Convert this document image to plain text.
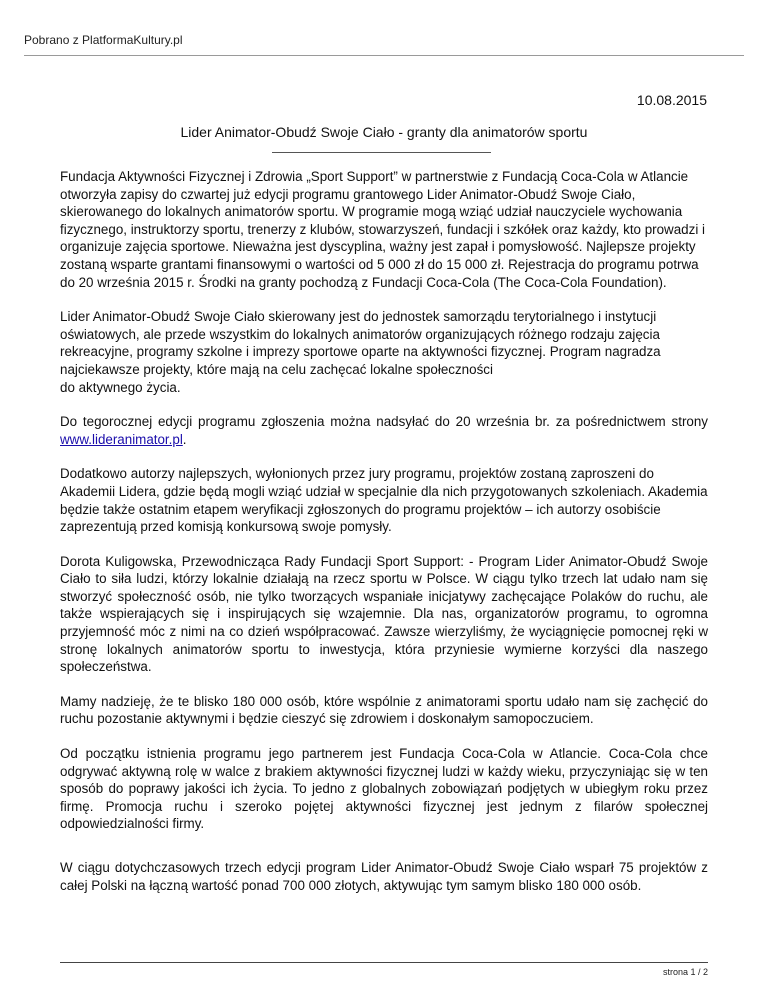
Pobrano z PlatformaKultury.pl
10.08.2015
Lider Animator-Obudź Swoje Ciało - granty dla animatorów sportu

Fundacja Aktywności Fizycznej i Zdrowia „Sport Support” w partnerstwie z Fundacją Coca-Cola w Atlancie otworzyła zapisy do czwartej już edycji programu grantowego Lider Animator-Obudź Swoje Ciało, skierowanego do lokalnych animatorów sportu. W programie mogą wziąć udział nauczyciele wychowania fizycznego, instruktorzy sportu, trenerzy z klubów, stowarzyszeń, fundacji i szkółek oraz każdy, kto prowadzi i organizuje zajęcia sportowe. Nieważna jest dyscyplina, ważny jest zapał i pomysłowość. Najlepsze projekty zostaną wsparte grantami finansowymi o wartości od 5 000 zł do 15 000 zł. Rejestracja do programu potrwa do 20 września 2015 r. Środki na granty pochodzą z Fundacji Coca-Cola (The Coca-Cola Foundation).

Lider Animator-Obudź Swoje Ciało skierowany jest do jednostek samorządu terytorialnego i instytucji oświatowych, ale przede wszystkim do lokalnych animatorów organizujących różnego rodzaju zajęcia rekreacyjne, programy szkolne i imprezy sportowe oparte na aktywności fizycznej. Program nagradza najciekawsze projekty, które mają na celu zachęcać lokalne społeczności
do aktywnego życia.

Do tegorocznej edycji programu zgłoszenia można nadsyłać do 20 września br. za pośrednictwem strony www.lideranimator.pl.

Dodatkowo autorzy najlepszych, wyłonionych przez jury programu, projektów zostaną zaproszeni do Akademii Lidera, gdzie będą mogli wziąć udział w specjalnie dla nich przygotowanych szkoleniach. Akademia będzie także ostatnim etapem weryfikacji zgłoszonych do programu projektów – ich autorzy osobiście zaprezentują przed komisją konkursową swoje pomysły.

Dorota Kuligowska, Przewodnicząca Rady Fundacji Sport Support: - Program Lider Animator-Obudź Swoje Ciało to siła ludzi, którzy lokalnie działają na rzecz sportu w Polsce. W ciągu tylko trzech lat udało nam się stworzyć społeczność osób, nie tylko tworzących wspaniałe inicjatywy zachęcające Polaków do ruchu, ale także wspierających się i inspirujących się wzajemnie. Dla nas, organizatorów programu, to ogromna przyjemność móc z nimi na co dzień współpracować. Zawsze wierzyliśmy, że wyciągnięcie pomocnej ręki w stronę lokalnych animatorów sportu to inwestycja, która przyniesie wymierne korzyści dla naszego społeczeństwa.

Mamy nadzieję, że te blisko 180 000 osób, które wspólnie z animatorami sportu udało nam się zachęcić do ruchu pozostanie aktywnymi i będzie cieszyć się zdrowiem i doskonałym samopoczuciem.

Od początku istnienia programu jego partnerem jest Fundacja Coca-Cola w Atlancie. Coca-Cola chce odgrywać aktywną rolę w walce z brakiem aktywności fizycznej ludzi w każdy wieku, przyczyniając się w ten sposób do poprawy jakości ich życia. To jedno z globalnych zobowiązań podjętych w ubiegłym roku przez firmę. Promocja ruchu i szeroko pojętej aktywności fizycznej jest jednym z filarów społecznej odpowiedzialności firmy.

W ciągu dotychczasowych trzech edycji program Lider Animator-Obudź Swoje Ciało wsparł 75 projektów z całej Polski na łączną wartość ponad 700 000 złotych, aktywując tym samym blisko 180 000 osób.

strona 1 / 2
